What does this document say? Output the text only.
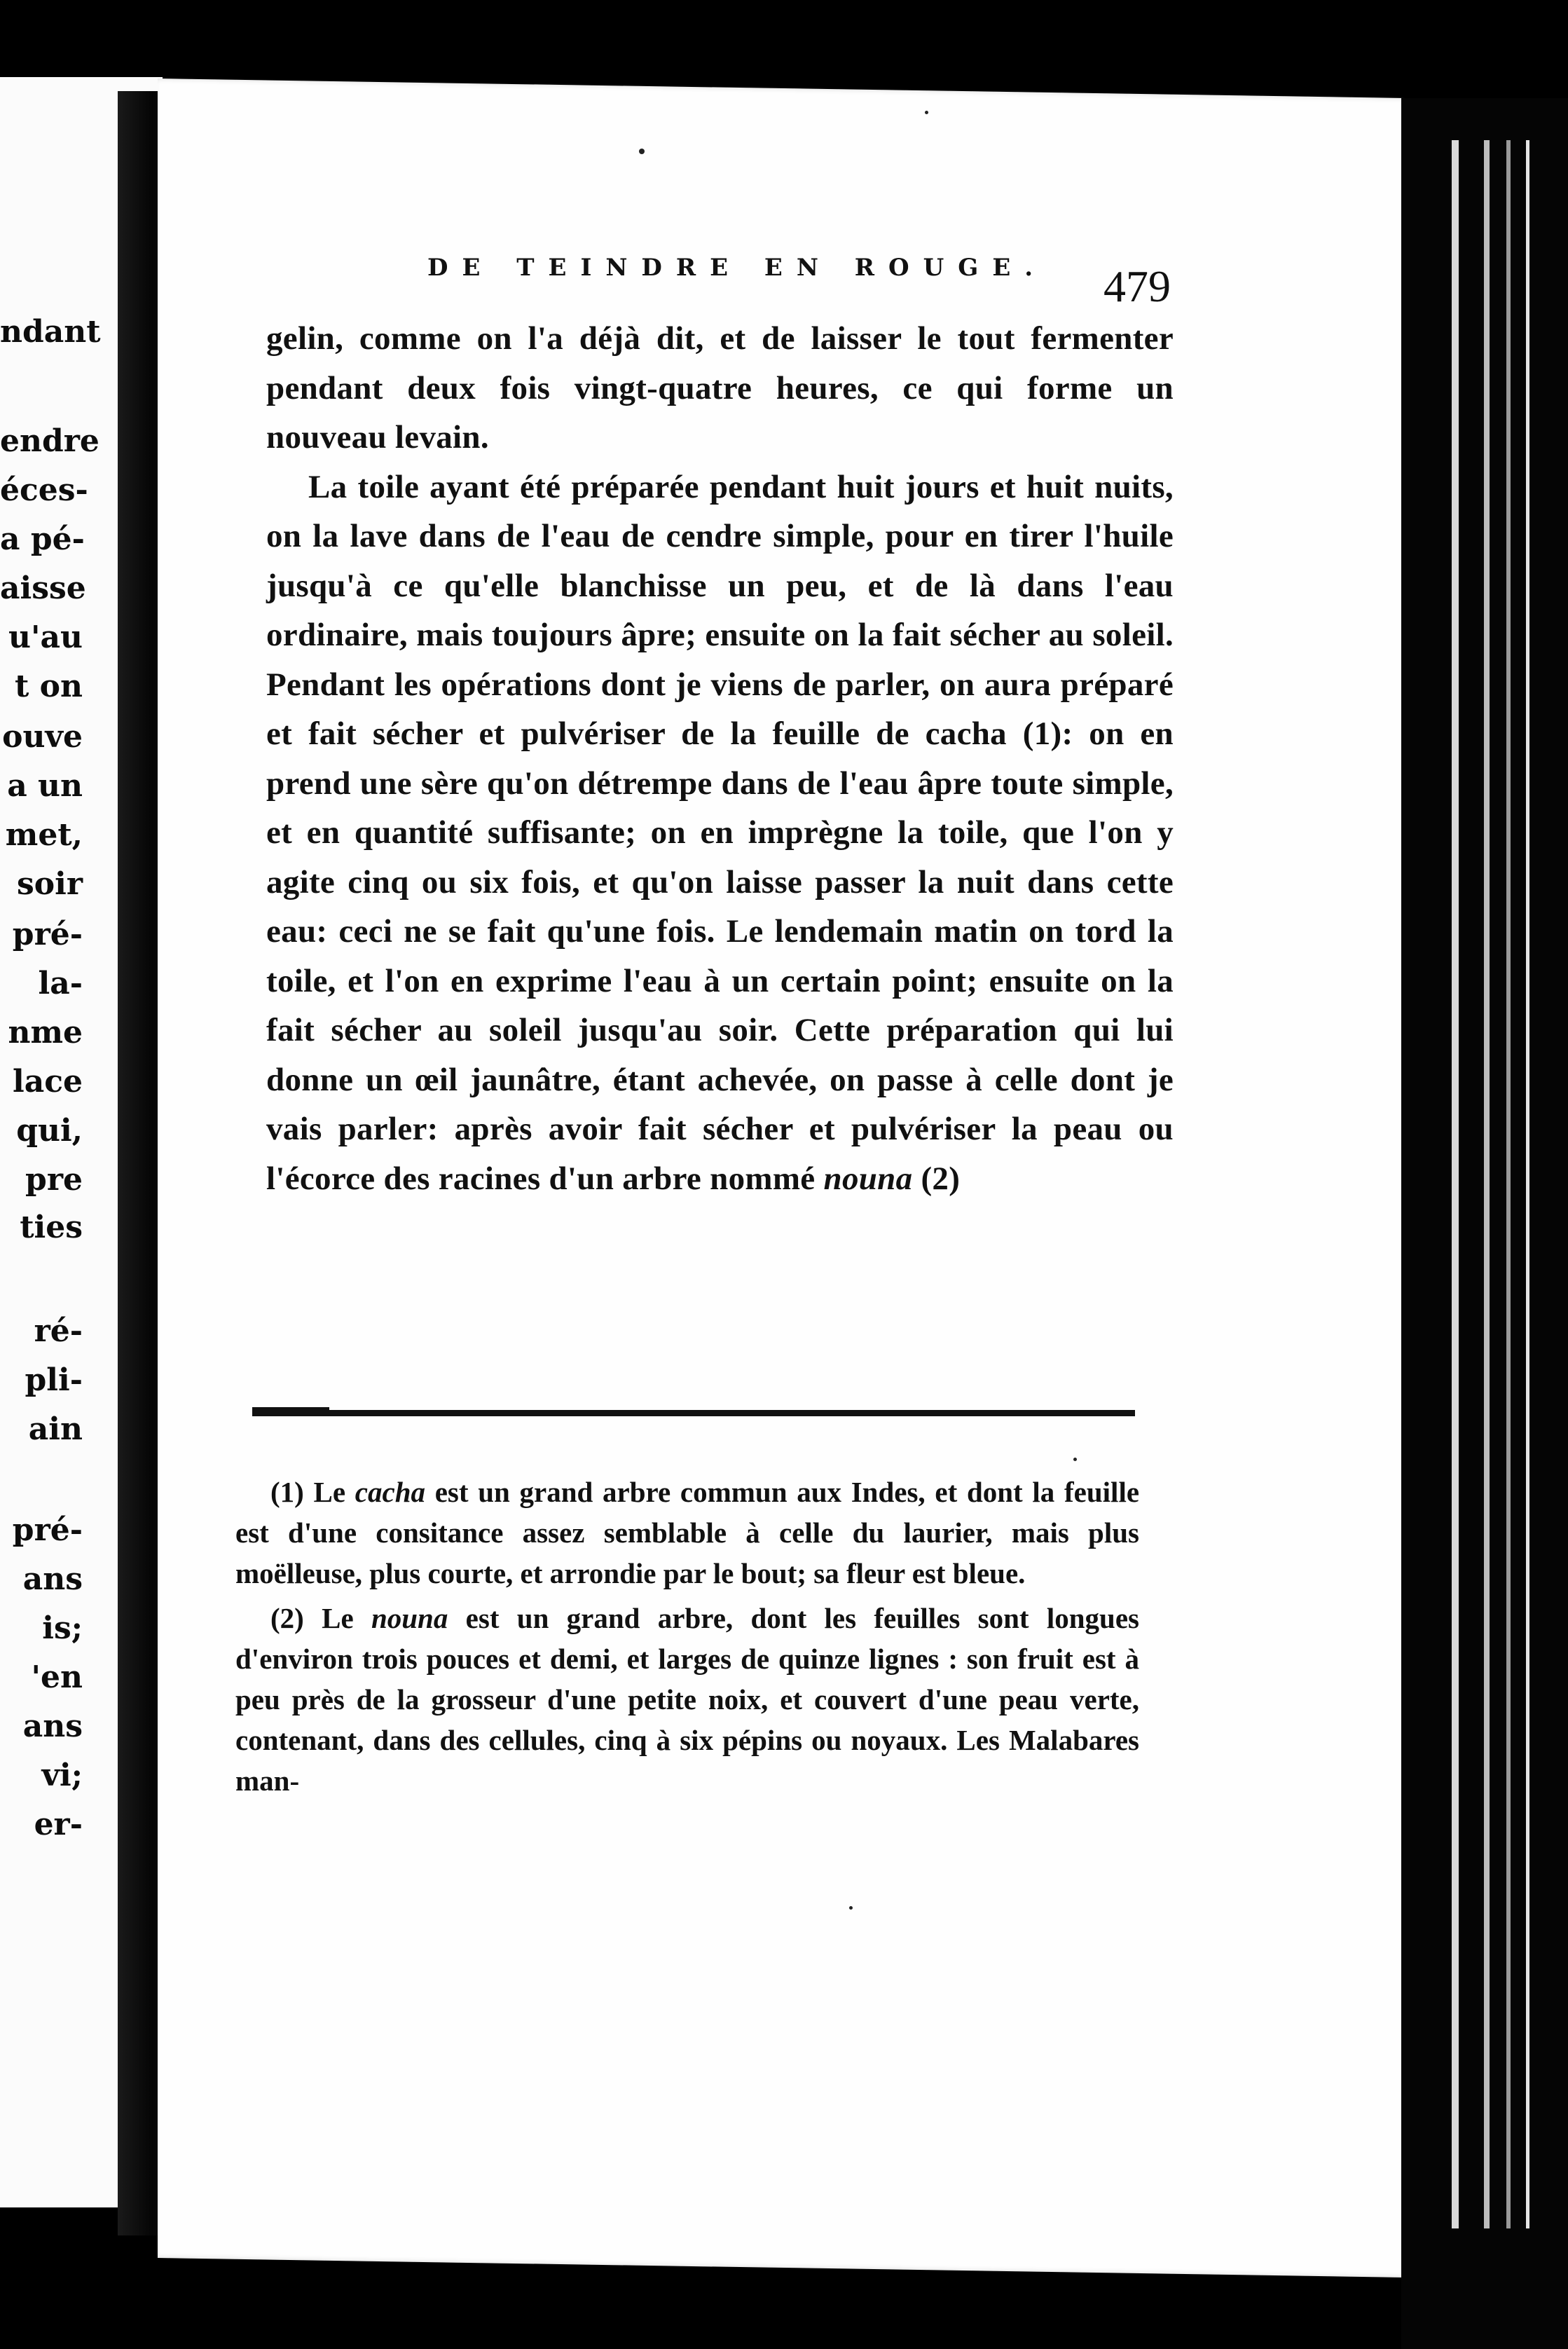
ndant
endre
éces-
a pé-
aisse
u'au
t on
ouve
a un
met,
soir
pré-
la-
nme
lace
qui,
pre
ties
ré-
pli-
ain
pré-
ans
is;
'en
ans
vi;
er-
DE TEINDRE EN ROUGE.	479

gelin, comme on l'a déjà dit, et de laisser le tout fermenter pendant deux fois vingt-quatre heures, ce qui forme un nouveau levain.

La toile ayant été préparée pendant huit jours et huit nuits, on la lave dans de l'eau de cendre simple, pour en tirer l'huile jusqu'à ce qu'elle blanchisse un peu, et de là dans l'eau ordinaire, mais toujours âpre; ensuite on la fait sécher au soleil. Pendant les opérations dont je viens de parler, on aura préparé et fait sécher et pulvériser de la feuille de cacha (1): on en prend une sère qu'on détrempe dans de l'eau âpre toute simple, et en quantité suffisante; on en imprègne la toile, que l'on y agite cinq ou six fois, et qu'on laisse passer la nuit dans cette eau: ceci ne se fait qu'une fois. Le lendemain matin on tord la toile, et l'on en exprime l'eau à un certain point; ensuite on la fait sécher au soleil jusqu'au soir. Cette préparation qui lui donne un œil jaunâtre, étant achevée, on passe à celle dont je vais parler: après avoir fait sécher et pulvériser la peau ou l'écorce des racines d'un arbre nommé nouna (2)

(1) Le cacha est un grand arbre commun aux Indes, et dont la feuille est d'une consitance assez semblable à celle du laurier, mais plus moëlleuse, plus courte, et arrondie par le bout; sa fleur est bleue.

(2) Le nouna est un grand arbre, dont les feuilles sont longues d'environ trois pouces et demi, et larges de quinze lignes : son fruit est à peu près de la grosseur d'une petite noix, et couvert d'une peau verte, contenant, dans des cellules, cinq à six pépins ou noyaux. Les Malabares man-
